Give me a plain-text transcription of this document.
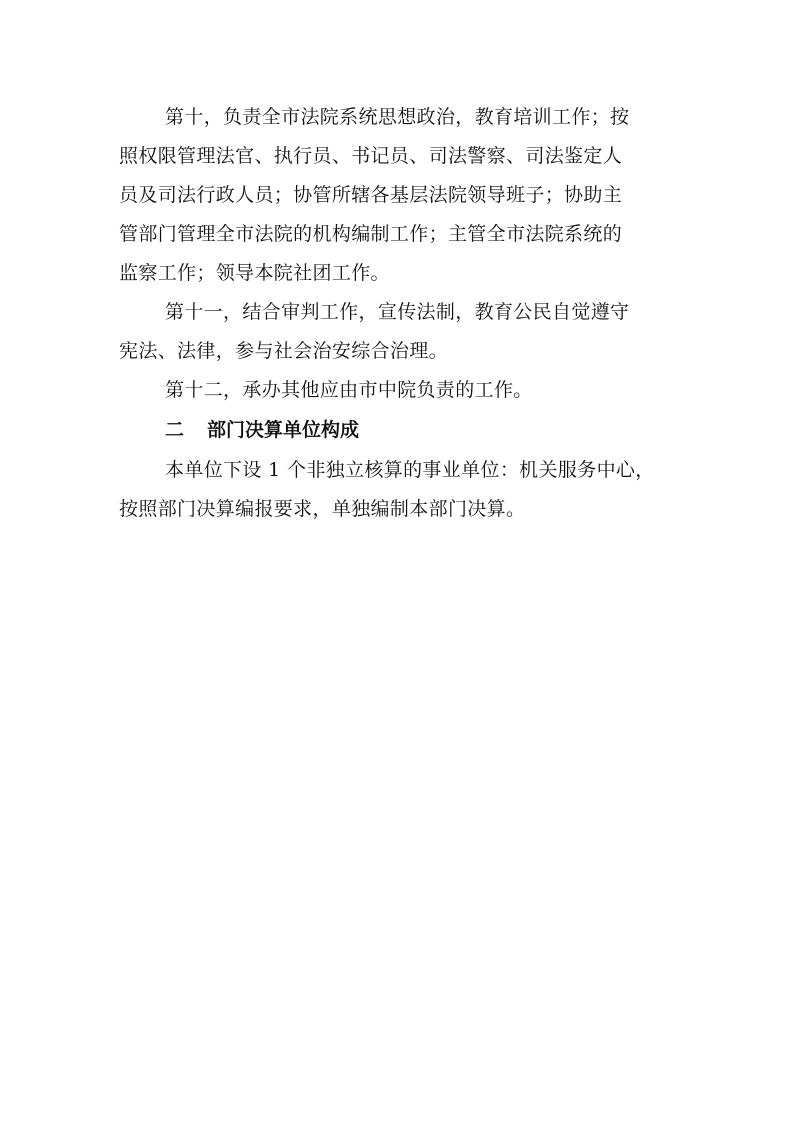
第十，负责全市法院系统思想政治，教育培训工作；按
照权限管理法官、执行员、书记员、司法警察、司法鉴定人
员及司法行政人员；协管所辖各基层法院领导班子；协助主
管部门管理全市法院的机构编制工作；主管全市法院系统的
监察工作；领导本院社团工作。
第十一，结合审判工作，宣传法制，教育公民自觉遵守
宪法、法律，参与社会治安综合治理。
第十二，承办其他应由市中院负责的工作。
二 部门决算单位构成
本单位下设 1 个非独立核算的事业单位：机关服务中心，
按照部门决算编报要求，单独编制本部门决算。
